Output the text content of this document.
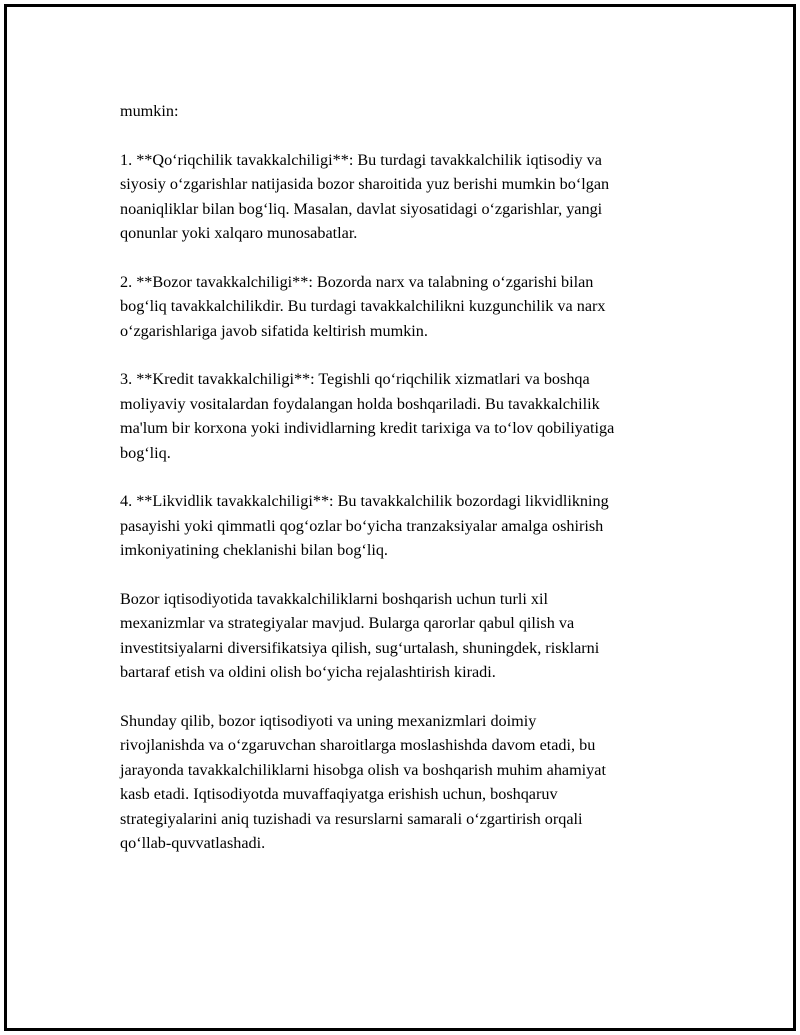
mumkin:

1. **Qo‘riqchilik tavakkalchiligi**: Bu turdagi tavakkalchilik iqtisodiy va
siyosiy o‘zgarishlar natijasida bozor sharoitida yuz berishi mumkin bo‘lgan
noaniqliklar bilan bog‘liq. Masalan, davlat siyosatidagi o‘zgarishlar, yangi
qonunlar yoki xalqaro munosabatlar.

2. **Bozor tavakkalchiligi**: Bozorda narx va talabning o‘zgarishi bilan
bog‘liq tavakkalchilikdir. Bu turdagi tavakkalchilikni kuzgunchilik va narx
o‘zgarishlariga javob sifatida keltirish mumkin.

3. **Kredit tavakkalchiligi**: Tegishli qo‘riqchilik xizmatlari va boshqa
moliyaviy vositalardan foydalangan holda boshqariladi. Bu tavakkalchilik
ma'lum bir korxona yoki individlarning kredit tarixiga va to‘lov qobiliyatiga
bog‘liq.

4. **Likvidlik tavakkalchiligi**: Bu tavakkalchilik bozordagi likvidlikning
pasayishi yoki qimmatli qog‘ozlar bo‘yicha tranzaksiyalar amalga oshirish
imkoniyatining cheklanishi bilan bog‘liq.

Bozor iqtisodiyotida tavakkalchiliklarni boshqarish uchun turli xil
mexanizmlar va strategiyalar mavjud. Bularga qarorlar qabul qilish va
investitsiyalarni diversifikatsiya qilish, sug‘urtalash, shuningdek, risklarni
bartaraf etish va oldini olish bo‘yicha rejalashtirish kiradi.

Shunday qilib, bozor iqtisodiyoti va uning mexanizmlari doimiy
rivojlanishda va o‘zgaruvchan sharoitlarga moslashishda davom etadi, bu
jarayonda tavakkalchiliklarni hisobga olish va boshqarish muhim ahamiyat
kasb etadi. Iqtisodiyotda muvaffaqiyatga erishish uchun, boshqaruv
strategiyalarini aniq tuzishadi va resurslarni samarali o‘zgartirish orqali
qo‘llab-quvvatlashadi.
